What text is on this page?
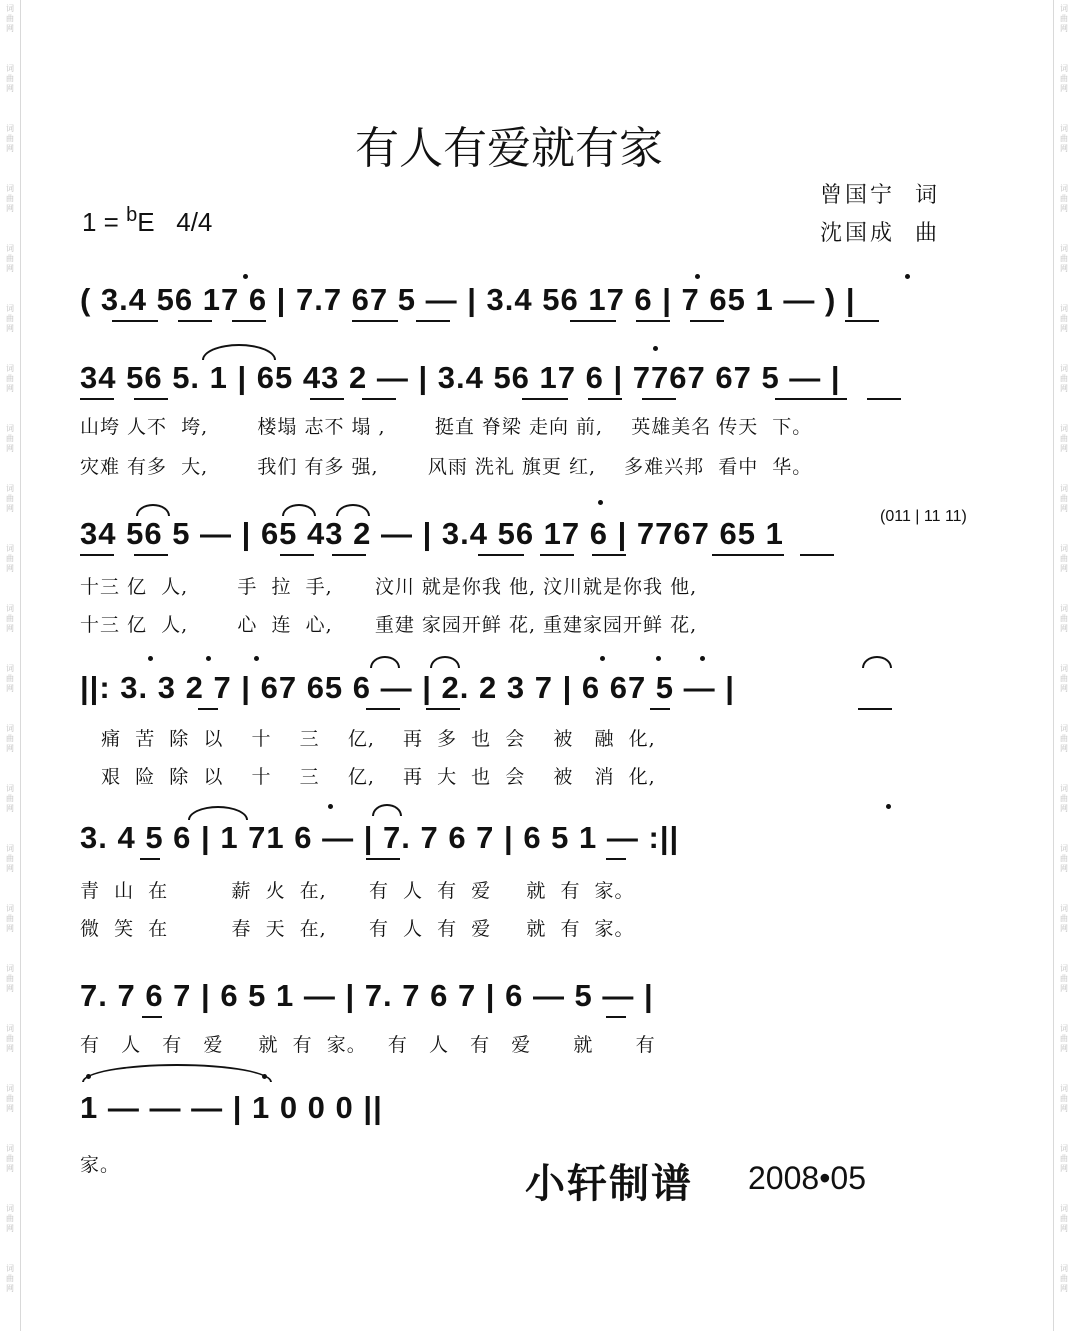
词
曲
网
词
曲
网
词
曲
网
词
曲
网
词
曲
网
词
曲
网
词
曲
网
词
曲
网
词
曲
网
词
曲
网
词
曲
网
词
曲
网
词
曲
网
词
曲
网
词
曲
网
词
曲
网
词
曲
网
词
曲
网
词
曲
网
词
曲
网
词
曲
网
词
曲
网
词
曲
网
词
曲
网
词
曲
网
词
曲
网
词
曲
网
词
曲
网
词
曲
网
词
曲
网
词
曲
网
词
曲
网
词
曲
网
词
曲
网
词
曲
网
词
曲
网
词
曲
网
词
曲
网
词
曲
网
词
曲
网
词
曲
网
词
曲
网
词
曲
网
词
曲
网
有人有爱就有家
曾国宁  词
沈国成  曲
1 = $^b$E 4/4
( 3.4 56 17 6 | 7.7 67 5 — | 3.4 56 17 6 | 7 65 1 — ) |
34 56 5. 1 | 65 43 2 — | 3.4 56 17 6 | 7767 67 5 — |
山垮 人不  垮,       楼塌 志不 塌 ,       挺直 脊梁 走向 前,    英雄美名 传天  下。
灾难 有多  大,       我们 有多 强,       风雨 洗礼 旗更 红,    多难兴邦  看中  华。
34 56 5 — | 65 43 2 — | 3.4 56 17 6 | 7767 65 1	(011 | 11 11)
十三 亿  人,       手  拉  手,      汶川 就是你我 他, 汶川就是你我 他,
十三 亿  人,       心  连  心,      重建 家园开鲜 花, 重建家园开鲜 花,
||: 3. 3 2 7 | 67 65 6 — | 2. 2 3 7 | 6 67 5 — |
痛  苦  除  以    十    三    亿,    再  多  也  会    被   融  化,
艰  险  除  以    十    三    亿,    再  大  也  会    被   消  化,
3. 4 5 6 | 1 71 6 — | 7. 7 6 7 | 6 5 1 — :||
青  山  在         薪  火  在,      有  人  有  爱     就  有  家。
微  笑  在         春  天  在,      有  人  有  爱     就  有  家。
7. 7 6 7 | 6 5 1 — | 7. 7 6 7 | 6 — 5 — |
有   人   有   爱     就  有  家。   有   人   有   爱      就      有
1 — — — | 1 0 0 0 ||
家。	小轩制谱 2008•05
